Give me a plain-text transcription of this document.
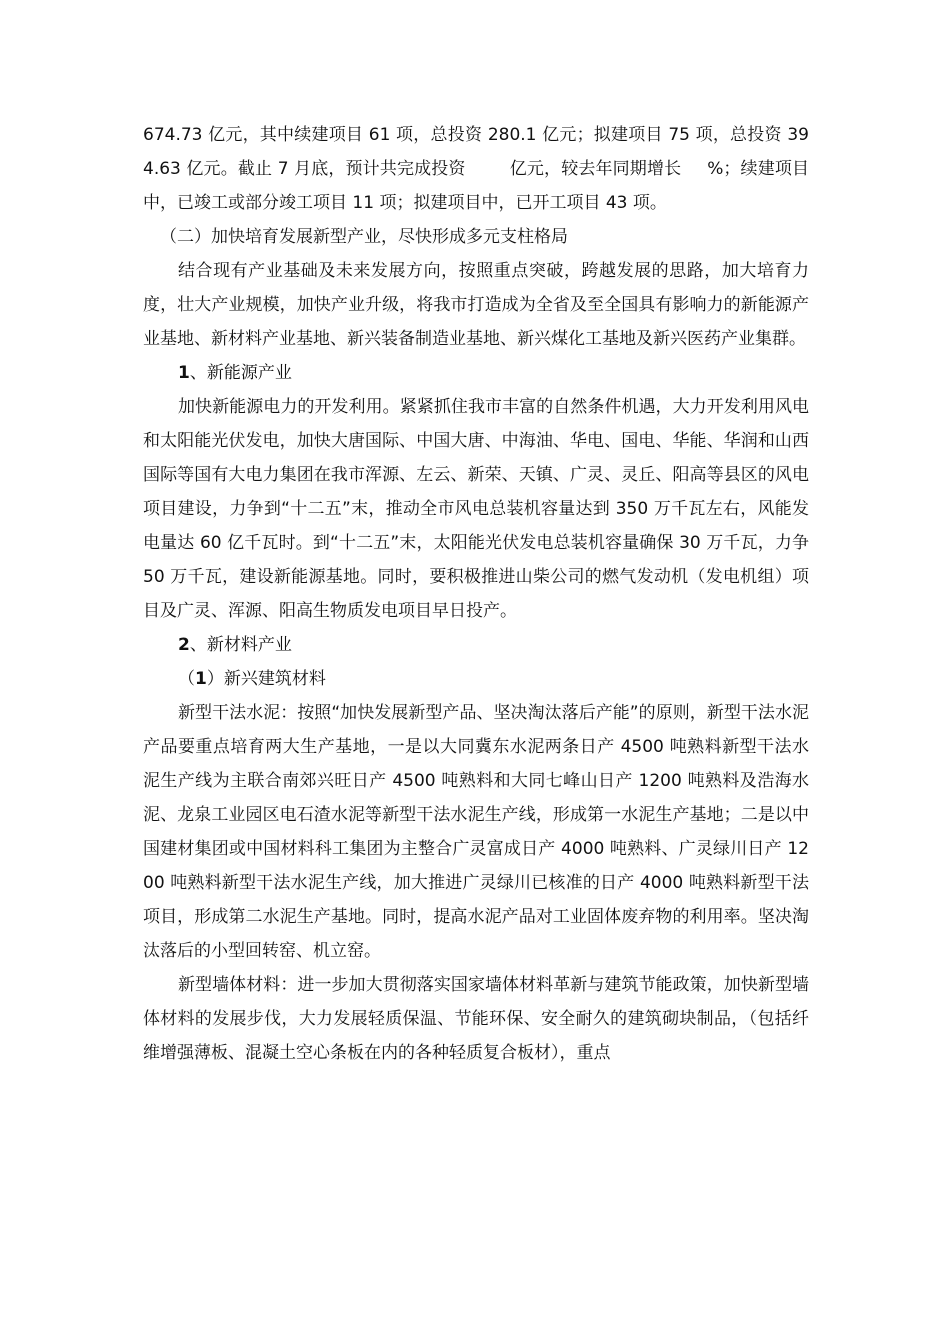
674.73 亿元，其中续建项目 61 项，总投资 280.1 亿元；拟建项目 75 项，总投资 394.63 亿元。截止 7 月底，预计共完成投资	亿元，较去年同期增长 %；续建项目中，已竣工或部分竣工项目 11 项；拟建项目中，已开工项目 43 项。

（二）加快培育发展新型产业，尽快形成多元支柱格局

结合现有产业基础及未来发展方向，按照重点突破，跨越发展的思路，加大培育力度，壮大产业规模，加快产业升级，将我市打造成为全省及至全国具有影响力的新能源产业基地、新材料产业基地、新兴装备制造业基地、新兴煤化工基地及新兴医药产业集群。

1、新能源产业

加快新能源电力的开发利用。紧紧抓住我市丰富的自然条件机遇，大力开发利用风电和太阳能光伏发电，加快大唐国际、中国大唐、中海油、华电、国电、华能、华润和山西国际等国有大电力集团在我市浑源、左云、新荣、天镇、广灵、灵丘、阳高等县区的风电项目建设，力争到“十二五”末，推动全市风电总装机容量达到 350 万千瓦左右，风能发电量达 60 亿千瓦时。到“十二五”末，太阳能光伏发电总装机容量确保 30 万千瓦，力争 50 万千瓦，建设新能源基地。同时，要积极推进山柴公司的燃气发动机（发电机组）项目及广灵、浑源、阳高生物质发电项目早日投产。

2、新材料产业

（1）新兴建筑材料

新型干法水泥：按照“加快发展新型产品、坚决淘汰落后产能”的原则，新型干法水泥产品要重点培育两大生产基地，一是以大同冀东水泥两条日产 4500 吨熟料新型干法水泥生产线为主联合南郊兴旺日产 4500 吨熟料和大同七峰山日产 1200 吨熟料及浩海水泥、龙泉工业园区电石渣水泥等新型干法水泥生产线，形成第一水泥生产基地；二是以中国建材集团或中国材料科工集团为主整合广灵富成日产 4000 吨熟料、广灵绿川日产 1200 吨熟料新型干法水泥生产线，加大推进广灵绿川已核准的日产 4000 吨熟料新型干法项目，形成第二水泥生产基地。同时，提高水泥产品对工业固体废弃物的利用率。坚决淘汰落后的小型回转窑、机立窑。

新型墙体材料：进一步加大贯彻落实国家墙体材料革新与建筑节能政策，加快新型墙体材料的发展步伐，大力发展轻质保温、节能环保、安全耐久的建筑砌块制品，（包括纤维增强薄板、混凝土空心条板在内的各种轻质复合板材），重点
